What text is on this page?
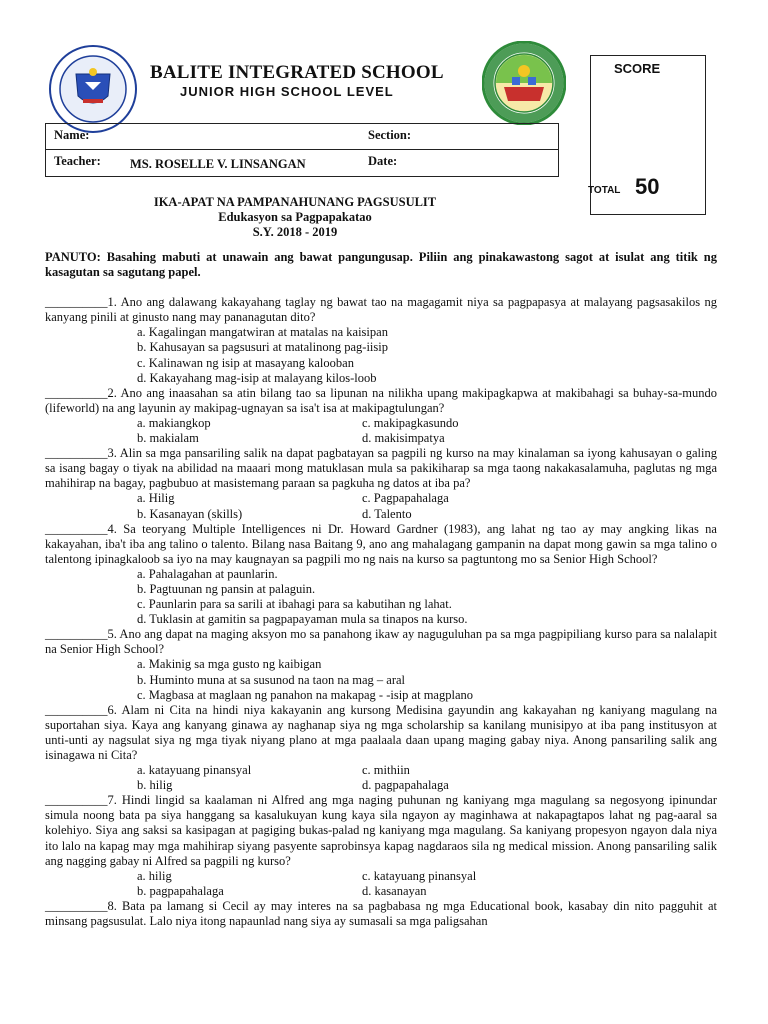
BALITE INTEGRATED SCHOOL
JUNIOR HIGH SCHOOL LEVEL
SCORE
TOTAL 50
Name:	Section:
Teacher: MS. ROSELLE V. LINSANGAN	Date:
IKA-APAT NA PAMPANAHUNANG PAGSUSULIT
Edukasyon sa Pagpapakatao
S.Y. 2018 - 2019
PANUTO: Basahing mabuti at unawain ang bawat pangungusap. Piliin ang pinakawastong sagot at isulat ang titik ng kasagutan sa sagutang papel.
__________1. Ano ang dalawang kakayahang taglay ng bawat tao na magagamit niya sa pagpapasya at malayang pagsasakilos ng kanyang pinili at ginusto nang may pananagutan dito?
a. Kagalingan mangatwiran at matalas na kaisipan
b. Kahusayan sa pagsusuri at matalinong pag-iisip
c. Kalinawan ng isip at masayang kalooban
d. Kakayahang mag-isip at malayang kilos-loob
__________2. Ano ang inaasahan sa atin bilang tao sa lipunan na nilikha upang makipagkapwa at makibahagi sa buhay-sa-mundo (lifeworld) na ang layunin ay makipag-ugnayan sa isa't isa at makipagtulungan?
a. makiangkop	c. makipagkasundo
b. makialam	d. makisimpatya
__________3. Alin sa mga pansariling salik na dapat pagbatayan sa pagpili ng kurso na may kinalaman sa iyong kahusayan o galing sa isang bagay o tiyak na abilidad na maaari mong matuklasan mula sa pakikiharap sa mga taong nakakasalamuha, paglutas ng mga mahihirap na bagay, pagbubuo at masistemang paraan sa pagkuha ng datos at iba pa?
a. Hilig	c. Pagpapahalaga
b. Kasanayan (skills)	d. Talento
__________4. Sa teoryang Multiple Intelligences ni Dr. Howard Gardner (1983), ang lahat ng tao ay may angking likas na kakayahan, iba't iba ang talino o talento. Bilang nasa Baitang 9, ano ang mahalagang gampanin na dapat mong gawin sa mga talino o talentong ipinagkaloob sa iyo na may kaugnayan sa pagpili mo ng nais na kurso sa pagtuntong mo sa Senior High School?
a. Pahalagahan at paunlarin.
b. Pagtuunan ng pansin at palaguin.
c. Paunlarin para sa sarili at ibahagi para sa kabutihan ng lahat.
d. Tuklasin at gamitin sa pagpapayaman mula sa tinapos na kurso.
__________5. Ano ang dapat na maging aksyon mo sa panahong ikaw ay naguguluhan pa sa mga pagpipiliang kurso para sa nalalapit na Senior High School?
a. Makinig sa mga gusto ng kaibigan
b. Huminto muna at sa susunod na taon na mag – aral
c. Magbasa at maglaan ng panahon na makapag - -isip at magplano
__________6. Alam ni Cita na hindi niya kakayanin ang kursong Medisina gayundin ang kakayahan ng kaniyang magulang na suportahan siya. Kaya ang kanyang ginawa ay naghanap siya ng mga scholarship sa kanilang munisipyo at iba pang institusyon at unti-unti ay nagsulat siya ng mga tiyak niyang plano at mga paalaala daan upang maging gabay niya. Anong pansariling salik ang isinagawa ni Cita?
a. katayuang pinansyal	c. mithiin
b. hilig	d. pagpapahalaga
__________7. Hindi lingid sa kaalaman ni Alfred ang mga naging puhunan ng kaniyang mga magulang sa negosyong ipinundar simula noong bata pa siya hanggang sa kasalukuyan kung kaya sila ngayon ay maginhawa at nakapagtapos lahat ng pag-aaral sa kolehiyo. Siya ang saksi sa kasipagan at pagiging bukas-palad ng kaniyang mga magulang. Sa kaniyang propesyon ngayon dala niya ito lalo na kapag may mga mahihirap siyang pasyente saprobinsya kapag nagdaraos sila ng medical mission. Anong pansariling salik ang nagging gabay ni Alfred sa pagpili ng kurso?
a. hilig	c. katayuang pinansyal
b. pagpapahalaga	d. kasanayan
__________8. Bata pa lamang si Cecil ay may interes na sa pagbabasa ng mga Educational book, kasabay din nito pagguhit at minsang pagsusulat. Lalo niya itong napaunlad nang siya ay sumasali sa mga paligsahan
